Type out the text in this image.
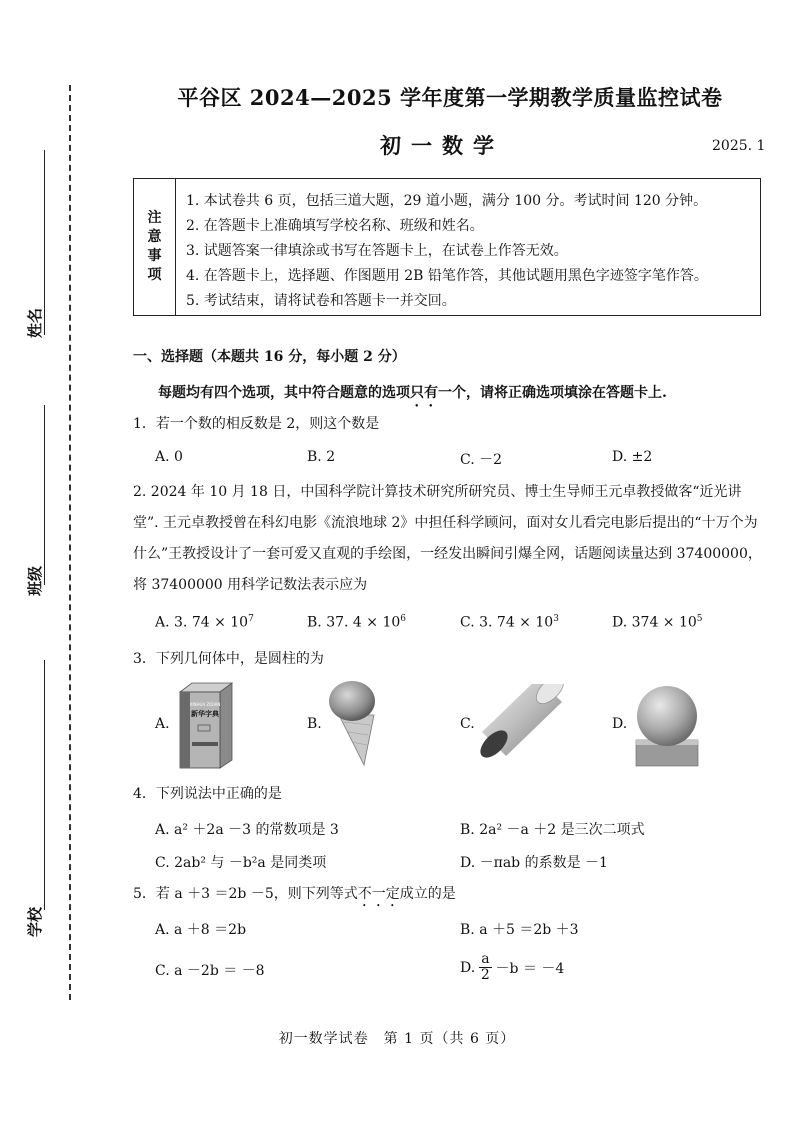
姓名
班级
学校
平谷区 2024—2025 学年度第一学期教学质量监控试卷
初一数学	2025. 1
注
意
事
项
1. 本试卷共 6 页，包括三道大题，29 道小题，满分 100 分。考试时间 120 分钟。
2. 在答题卡上准确填写学校名称、班级和姓名。
3. 试题答案一律填涂或书写在答题卡上，在试卷上作答无效。
4. 在答题卡上，选择题、作图题用 2B 铅笔作答，其他试题用黑色字迹签字笔作答。
5. 考试结束，请将试卷和答题卡一并交回。
一、选择题（本题共 16 分，每小题 2 分）
每题均有四个选项，其中符合题意的选项只有一个，请将正确选项填涂在答题卡上.
1．若一个数的相反数是 2，则这个数是
A. 0	B. 2	C. －2	D. ±2
2. 2024 年 10 月 18 日，中国科学院计算技术研究所研究员、博士生导师王元卓教授做客“近光讲堂”. 王元卓教授曾在科幻电影《流浪地球 2》中担任科学顾问，面对女儿看完电影后提出的“十万个为什么”王教授设计了一套可爱又直观的手绘图，一经发出瞬间引爆全网，话题阅读量达到 37400000，将 37400000 用科学记数法表示应为
A. 3. $74 \times 10^7$	B. 37. $4 \times 10^6$	C. 3. $74 \times 10^3$	D. $374 \times 10^5$
3．下列几何体中，是圆柱的为
A.	B.	C.	D.
XINHUA ZIDIAN
新华字典
4．下列说法中正确的是
A. a² ＋2a －3 的常数项是 3	B. 2a² －a ＋2 是三次二项式
C. 2ab² 与 －b²a 是同类项	D. －πab 的系数是 －1
5．若 a ＋3 ＝2b －5，则下列等式不一定成立的是
A. a ＋8 ＝2b	B. a ＋5 ＝2b ＋3
C. a －2b ＝ －8	D.
a
2 －b ＝ －4
初一数学试卷　第 1 页（共 6 页）
